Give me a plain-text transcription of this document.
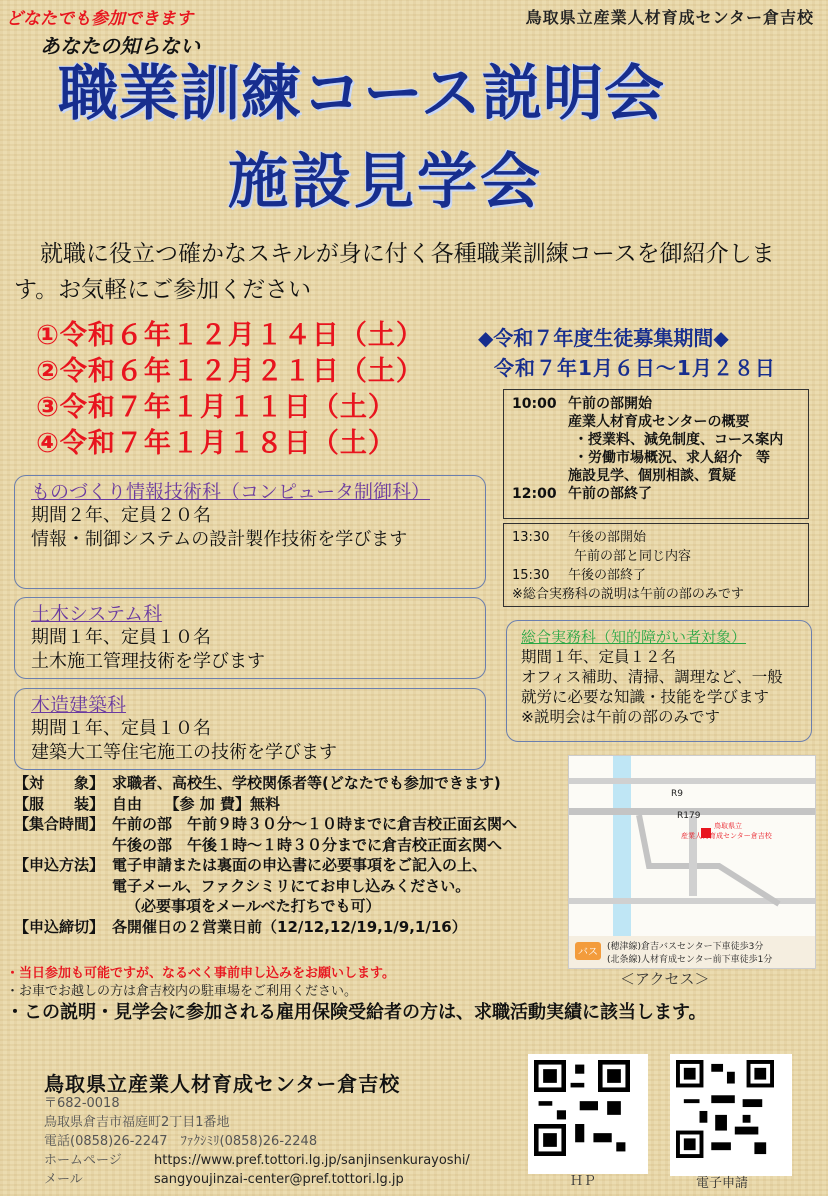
どなたでも参加できます	鳥取県立産業人材育成センター倉吉校
あなたの知らない
職業訓練コース説明会
施設見学会
就職に役立つ確かなスキルが身に付く各種職業訓練コースを御紹介します。お気軽にご参加ください
①令和６年１２月１４日（土）
②令和６年１２月２１日（土）
③令和７年１月１１日（土）
④令和７年１月１８日（土）
◆令和７年度生徒募集期間◆
令和７年1月６日～1月２８日
10:00 午前の部開始
産業人材育成センターの概要
・授業料、減免制度、コース案内
・労働市場概況、求人紹介　等
施設見学、個別相談、質疑
12:00 午前の部終了
13:30 午後の部開始
午前の部と同じ内容
15:30 午後の部終了
※総合実務科の説明は午前の部のみです
ものづくり情報技術科（コンピュータ制御科）
期間２年、定員２０名
情報・制御システムの設計製作技術を学びます
土木システム科
期間１年、定員１０名
土木施工管理技術を学びます
木造建築科
期間１年、定員１０名
建築大工等住宅施工の技術を学びます
総合実務科（知的障がい者対象）
期間１年、定員１２名
オフィス補助、清掃、調理など、一般
就労に必要な知識・技能を学びます
※説明会は午前の部のみです
【対　　象】 求職者、高校生、学校関係者等(どなたでも参加できます)
【服　　装】 自由　　【参 加 費】無料
【集合時間】 午前の部　午前９時３０分～１０時までに倉吉校正面玄関へ
午後の部　午後１時～１時３０分までに倉吉校正面玄関へ
【申込方法】 電子申請または裏面の申込書に必要事項をご記入の上、
電子メール、ファクシミリにてお申し込みください。
（必要事項をメールべた打ちでも可）
【申込締切】 各開催日の２営業日前（12/12,12/19,1/9,1/16）
R9
R179
鳥取県立
産業人材育成センター倉吉校
バス (穂津線)倉吉バスセンター下車徒歩3分
(北条線)人材育成センター前下車徒歩1分
＜アクセス＞
・当日参加も可能ですが、なるべく事前申し込みをお願いします。
・お車でお越しの方は倉吉校内の駐車場をご利用ください。
・この説明・見学会に参加される雇用保険受給者の方は、求職活動実績に該当します。
鳥取県立産業人材育成センター倉吉校
〒682-0018
鳥取県倉吉市福庭町2丁目1番地
電話(0858)26-2247　ﾌｧｸｼﾐﾘ(0858)26-2248
ホームページ https://www.pref.tottori.lg.jp/sanjinsenkurayoshi/
メール	sangyoujinzai-center@pref.tottori.lg.jp	ＨＰ	電子申請
